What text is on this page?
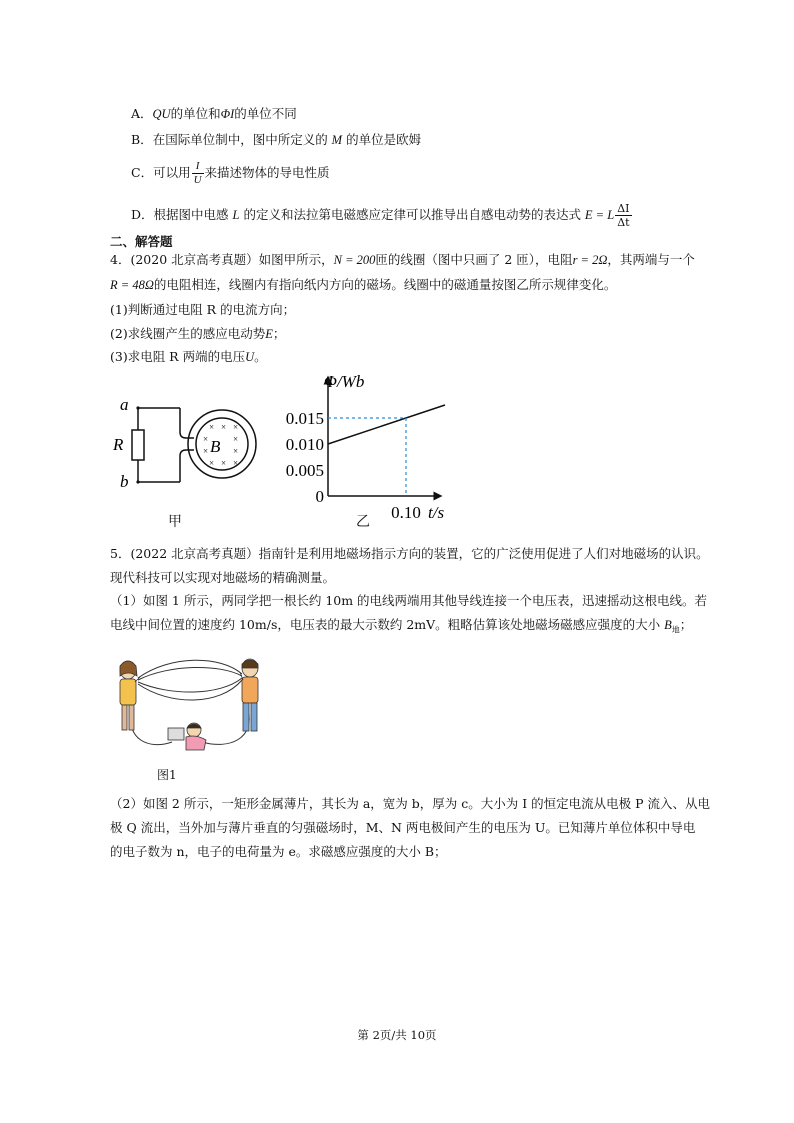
A．QU的单位和ΦI的单位不同
B．在国际单位制中，图中所定义的 M 的单位是欧姆
C．可以用 $\frac{I}{U}$ 来描述物体的导电性质
D．根据图中电感 L 的定义和法拉第电磁感应定律可以推导出自感电动势的表达式 E = L $\frac{\Delta I}{\Delta t}$
二、解答题
4．(2020 北京高考真题）如图甲所示，N = 200匝的线圈（图中只画了 2 匝），电阻r = 2Ω，其两端与一个
R = 48Ω的电阻相连，线圈内有指向纸内方向的磁场。线圈中的磁通量按图乙所示规律变化。
(1)判断通过电阻 R 的电流方向；
(2)求线圈产生的感应电动势E；
(3)求电阻 R 两端的电压U。
a
b
R	B
× × ×
×	×
×	×
× × ×
甲
Φ/Wb
t/s
0.015
0.010
0.005
0
0.10
乙
5．(2022 北京高考真题）指南针是利用地磁场指示方向的装置，它的广泛使用促进了人们对地磁场的认识。
现代科技可以实现对地磁场的精确测量。
（1）如图 1 所示，两同学把一根长约 10m 的电线两端用其他导线连接一个电压表，迅速摇动这根电线。若
电线中间位置的速度约 10m/s，电压表的最大示数约 2mV。粗略估算该处地磁场磁感应强度的大小 $B_地$；
图1
（2）如图 2 所示，一矩形金属薄片，其长为 a，宽为 b，厚为 c。大小为 I 的恒定电流从电极 P 流入、从电
极 Q 流出，当外加与薄片垂直的匀强磁场时，M、N 两电极间产生的电压为 U。已知薄片单位体积中导电
的电子数为 n，电子的电荷量为 e。求磁感应强度的大小 B；
第 2页/共 10页
